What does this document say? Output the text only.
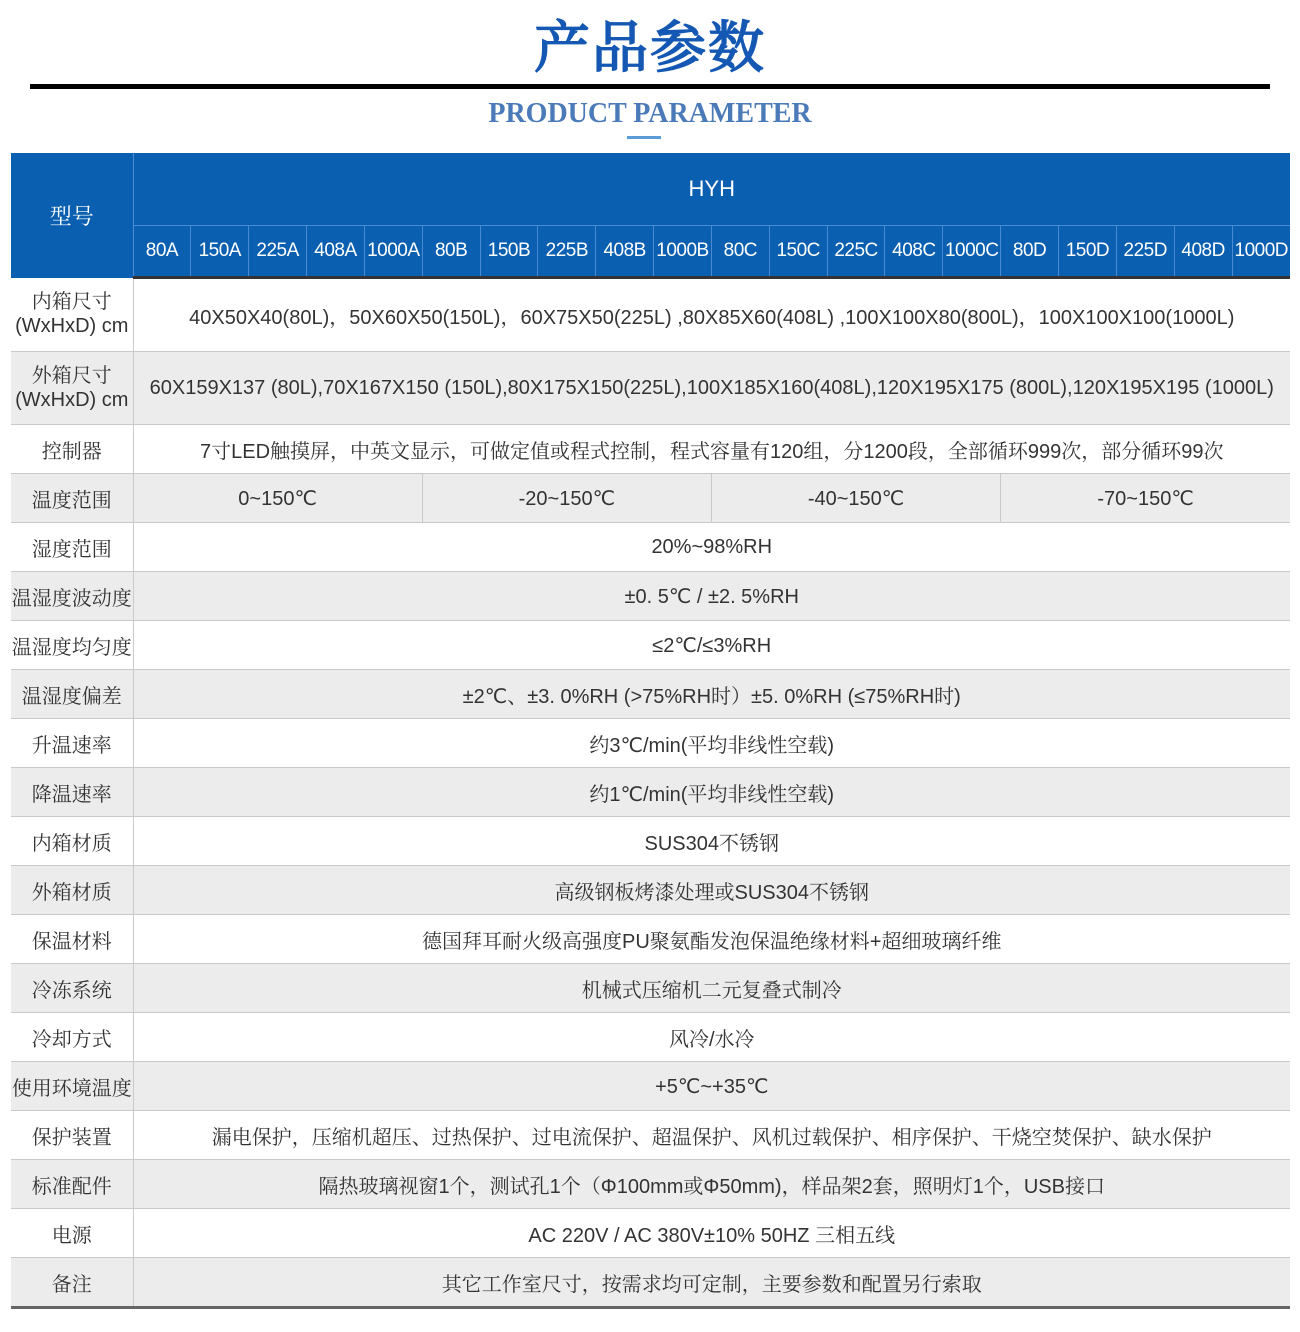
产品参数
PRODUCT PARAMETER
型号	HYH																			
	80A	150A	225A	408A	1000A	80B	150B	225B	408B	1000B	80C	150C	225C	408C	1000C	80D	150D	225D	408D	1000D

内箱尺寸
(WxHxD) cm	40X50X40(80L)，50X60X50(150L)，60X75X50(225L) ,80X85X60(408L) ,100X100X80(800L)，100X100X100(1000L)																			

外箱尺寸
(WxHxD) cm	60X159X137 (80L),70X167X150 (150L),80X175X150(225L),100X185X160(408L),120X195X175 (800L),120X195X195 (1000L)																			
控制器	7寸LED触摸屏，中英文显示，可做定值或程式控制，程式容量有120组，分1200段，全部循环999次，部分循环99次																			
温度范围	0~150℃					-20~150℃					-40~150℃					-70~150℃				
湿度范围	20%~98%RH																			
温湿度波动度	±0. 5℃ / ±2. 5%RH																			
温湿度均匀度	≤2℃/≤3%RH																			
温湿度偏差	±2℃、±3. 0%RH (>75%RH时）±5. 0%RH (≤75%RH时)																			
升温速率	约3℃/min(平均非线性空载)																			
降温速率	约1℃/min(平均非线性空载)																			
内箱材质	SUS304不锈钢																			
外箱材质	高级钢板烤漆处理或SUS304不锈钢																			
保温材料	德国拜耳耐火级高强度PU聚氨酯发泡保温绝缘材料+超细玻璃纤维																			
冷冻系统	机械式压缩机二元复叠式制冷																			
冷却方式	风冷/水冷																			
使用环境温度	+5℃~+35℃																			
保护装置	漏电保护，压缩机超压、过热保护、过电流保护、超温保护、风机过载保护、相序保护、干烧空焚保护、缺水保护																			
标准配件	隔热玻璃视窗1个，测试孔1个（Φ100mm或Φ50mm)，样品架2套，照明灯1个，USB接口																			
电源	AC 220V / AC 380V±10% 50HZ 三相五线																			
备注	其它工作室尺寸，按需求均可定制，主要参数和配置另行索取																			
